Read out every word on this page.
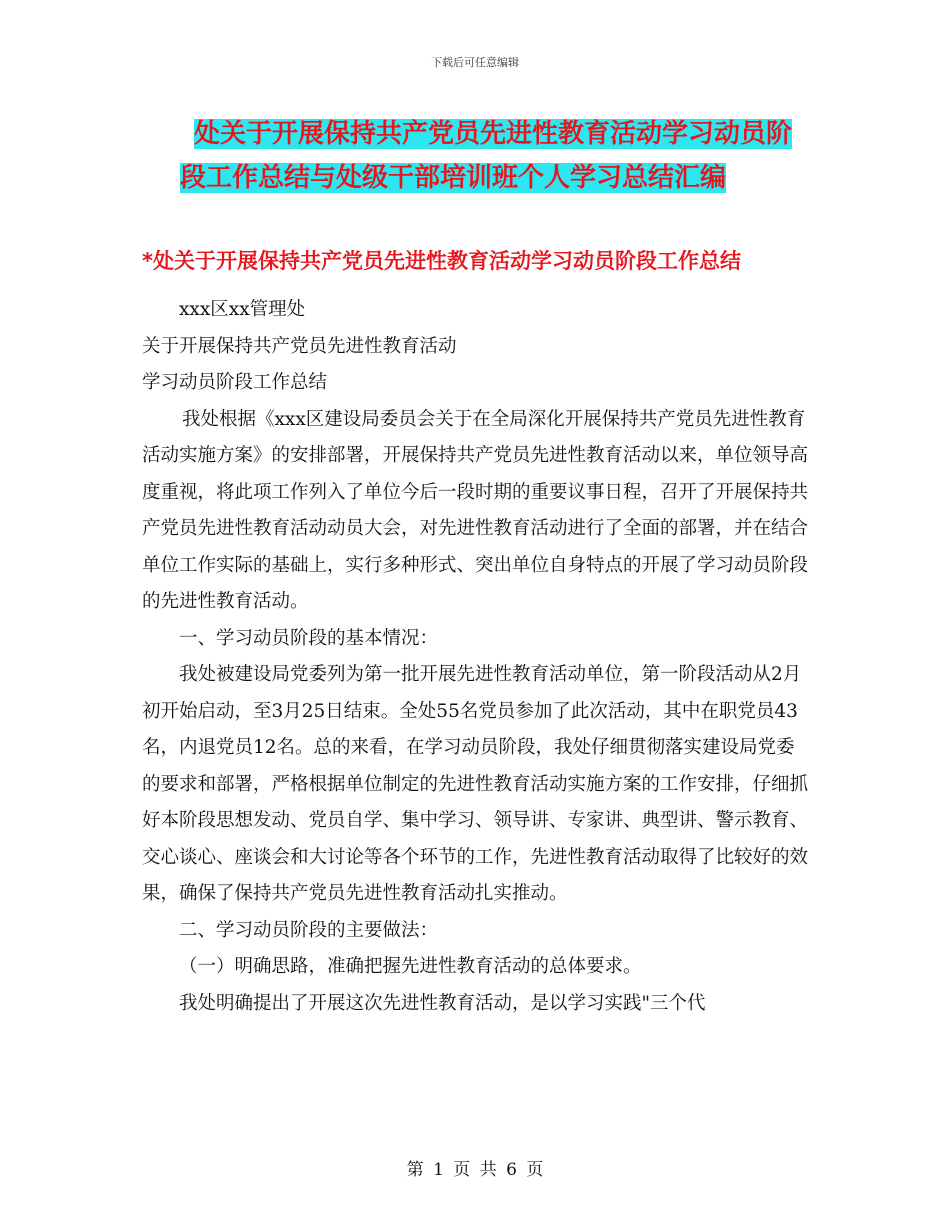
下载后可任意编辑
处关于开展保持共产党员先进性教育活动学习动员阶
段工作总结与处级干部培训班个人学习总结汇编
*处关于开展保持共产党员先进性教育活动学习动员阶段工作总结

xxx区xx管理处

关于开展保持共产党员先进性教育活动

学习动员阶段工作总结

我处根据《xxx区建设局委员会关于在全局深化开展保持共产党员先进性教育活动实施方案》的安排部署，开展保持共产党员先进性教育活动以来，单位领导高度重视，将此项工作列入了单位今后一段时期的重要议事日程，召开了开展保持共产党员先进性教育活动动员大会，对先进性教育活动进行了全面的部署，并在结合单位工作实际的基础上，实行多种形式、突出单位自身特点的开展了学习动员阶段的先进性教育活动。

一、学习动员阶段的基本情况：

我处被建设局党委列为第一批开展先进性教育活动单位，第一阶段活动从2月初开始启动，至3月25日结束。全处55名党员参加了此次活动，其中在职党员43名，内退党员12名。总的来看，在学习动员阶段，我处仔细贯彻落实建设局党委的要求和部署，严格根据单位制定的先进性教育活动实施方案的工作安排，仔细抓好本阶段思想发动、党员自学、集中学习、领导讲、专家讲、典型讲、警示教育、交心谈心、座谈会和大讨论等各个环节的工作，先进性教育活动取得了比较好的效果，确保了保持共产党员先进性教育活动扎实推动。

二、学习动员阶段的主要做法：

（一）明确思路，准确把握先进性教育活动的总体要求。

我处明确提出了开展这次先进性教育活动，是以学习实践"三个代

第 1 页 共 6 页
